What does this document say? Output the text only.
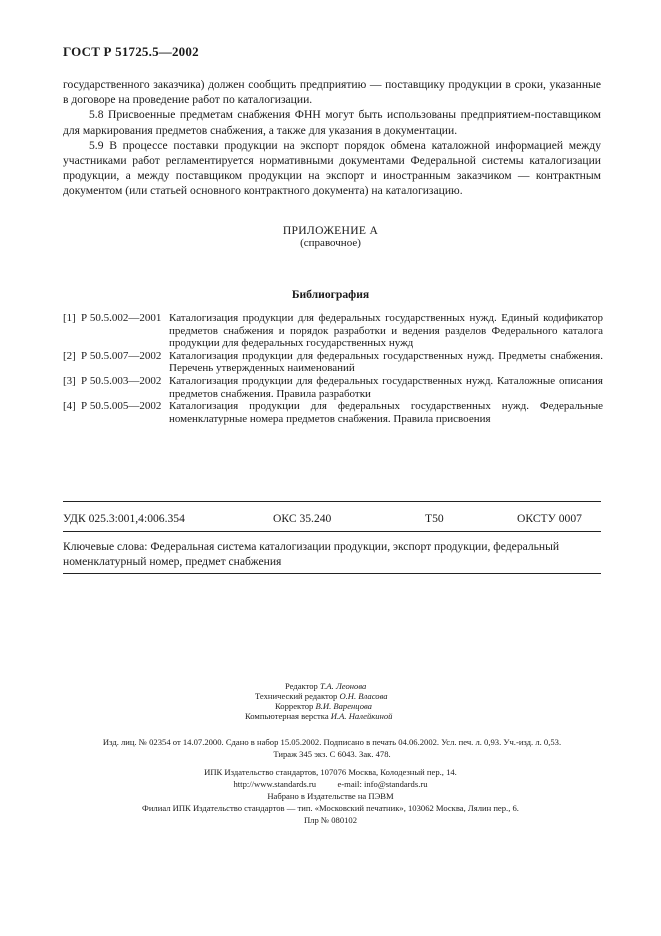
ГОСТ Р 51725.5—2002

государственного заказчика) должен сообщить предприятию — поставщику продукции в сроки, указанные в договоре на проведение работ по каталогизации.

5.8 Присвоенные предметам снабжения ФНН могут быть использованы предприятием-поставщиком для маркирования предметов снабжения, а также для указания в документации.

5.9 В процессе поставки продукции на экспорт порядок обмена каталожной информацией между участниками работ регламентируется нормативными документами Федеральной системы каталогизации продукции, а между поставщиком продукции на экспорт и иностранным заказчиком — контрактным документом (или статьей основного контрактного документа) на каталогизацию.

ПРИЛОЖЕНИЕ А
(справочное)
Библиография
[1] Р 50.5.002—2001 Каталогизация продукции для федеральных государственных нужд. Единый кодификатор предметов снабжения и порядок разработки и ведения разделов Федерального каталога продукции для федеральных государственных нужд
[2] Р 50.5.007—2002 Каталогизация продукции для федеральных государственных нужд. Предметы снабжения. Перечень утвержденных наименований
[3] Р 50.5.003—2002 Каталогизация продукции для федеральных государственных нужд. Каталожные описания предметов снабжения. Правила разработки
[4] Р 50.5.005—2002 Каталогизация продукции для федеральных государственных нужд. Федеральные номенклатурные номера предметов снабжения. Правила присвоения
УДК 025.3:001,4:006.354	ОКС 35.240	Т50	ОКСТУ 0007
Ключевые слова: Федеральная система каталогизации продукции, экспорт продукции, федеральный номенклатурный номер, предмет снабжения
Редактор Т.А. Леонова
Технический редактор О.Н. Власова
Корректор В.И. Варенцова
Компьютерная верстка И.А. Налейкиной
Изд. лиц. № 02354 от 14.07.2000. Сдано в набор 15.05.2002. Подписано в печать 04.06.2002. Усл. печ. л. 0,93. Уч.-изд. л. 0,53.
Тираж 345 экз. С 6043. Зак. 478.
ИПК Издательство стандартов, 107076 Москва, Колодезный пер., 14.
http://www.standards.ru          e-mail: info@standards.ru
Набрано в Издательстве на ПЭВМ
Филиал ИПК Издательство стандартов — тип. «Московский печатник», 103062 Москва, Лялин пер., 6.
Плр № 080102
